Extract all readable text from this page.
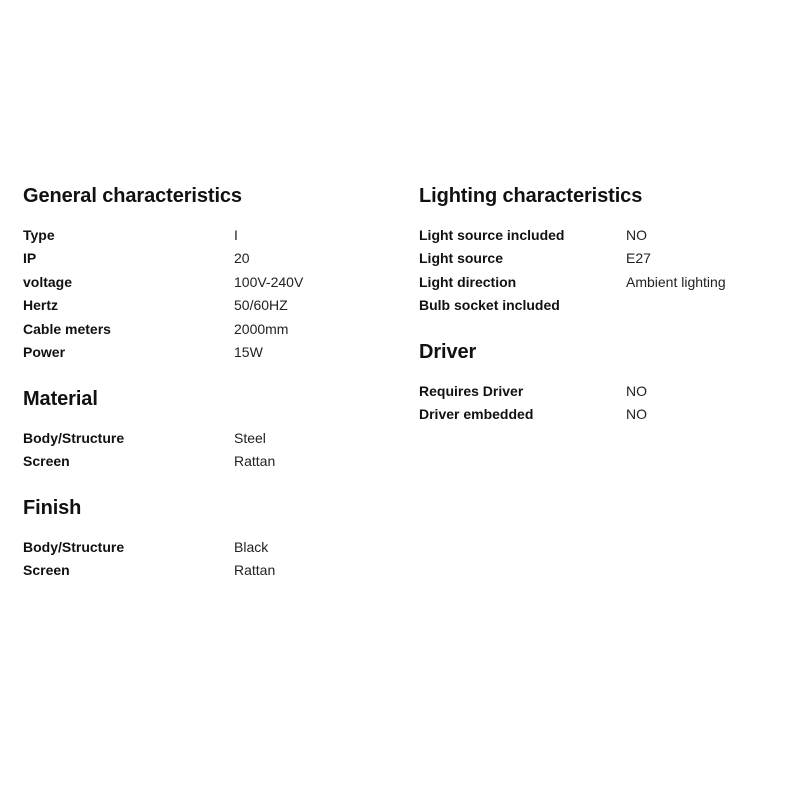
General characteristics
Type	I
IP	20
voltage	100V-240V
Hertz	50/60HZ
Cable meters	2000mm
Power	15W
Material
Body/Structure	Steel
Screen	Rattan
Finish
Body/Structure	Black
Screen	Rattan
Lighting characteristics
Light source included	NO
Light source	E27
Light direction	Ambient lighting
Bulb socket included
Driver
Requires Driver	NO
Driver embedded	NO
